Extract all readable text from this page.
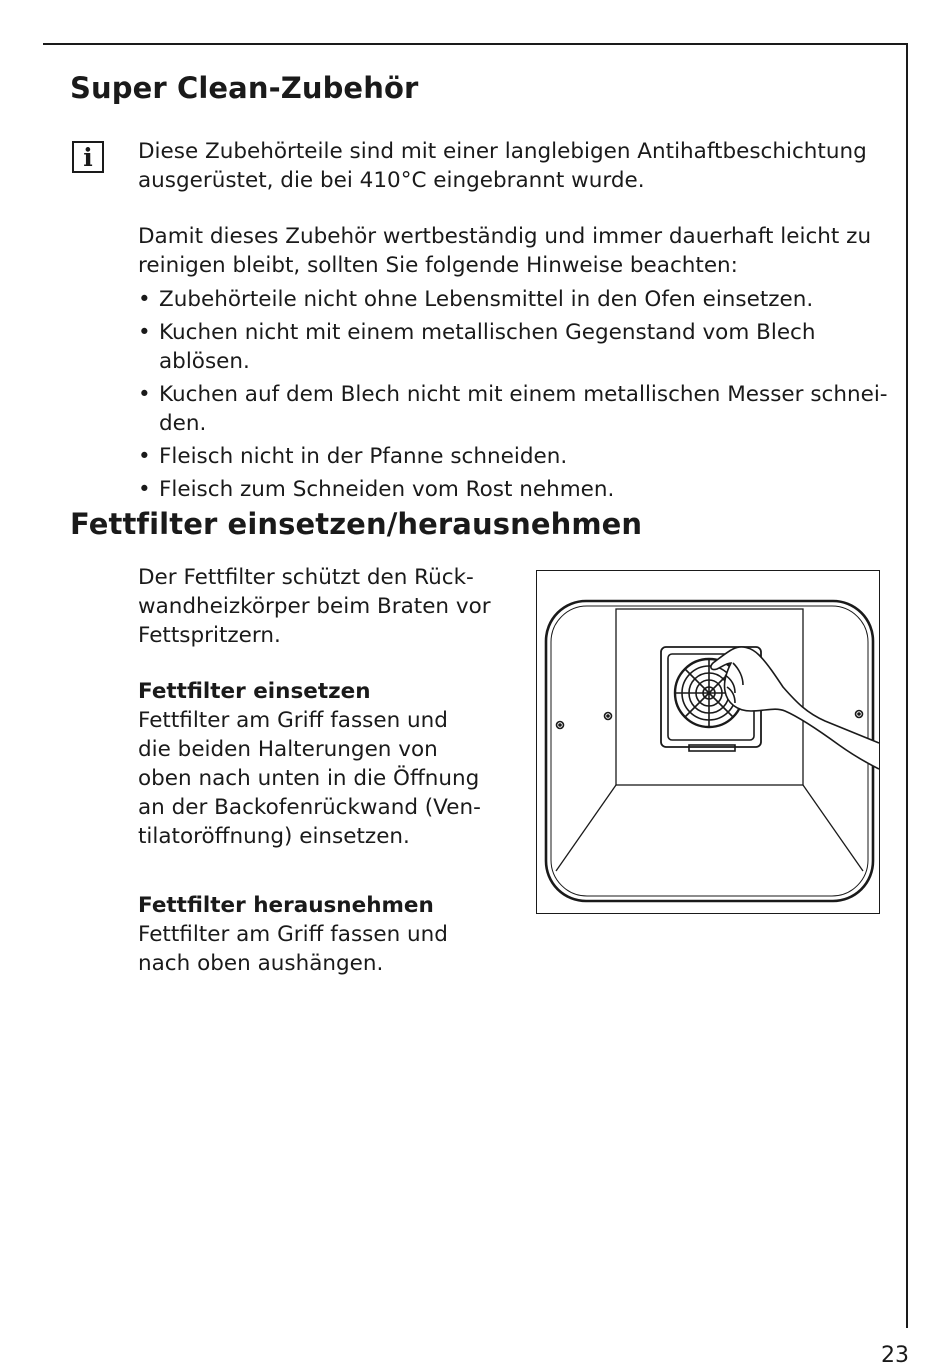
Super Clean-Zubehör
i	Diese Zubehörteile sind mit einer langlebigen Antihaftbeschichtung
ausgerüstet, die bei 410°C eingebrannt wurde.

Damit dieses Zubehör wertbeständig und immer dauerhaft leicht zu
reinigen bleibt, sollten Sie folgende Hinweise beachten:

• Zubehörteile nicht ohne Lebensmittel in den Ofen einsetzen.
• Kuchen nicht mit einem metallischen Gegenstand vom Blech ablösen.
• Kuchen auf dem Blech nicht mit einem metallischen Messer schnei-
den.
• Fleisch nicht in der Pfanne schneiden.
• Fleisch zum Schneiden vom Rost nehmen.
Fettfilter einsetzen/herausnehmen

Der Fettfilter schützt den Rück-
wandheizkörper beim Braten vor
Fettspritzern.

Fettfilter einsetzen
Fettfilter am Griff fassen und
die beiden Halterungen von
oben nach unten in die Öffnung
an der Backofenrückwand (Ven-
tilatoröffnung) einsetzen.

Fettfilter herausnehmen
Fettfilter am Griff fassen und
nach oben aushängen.

23
